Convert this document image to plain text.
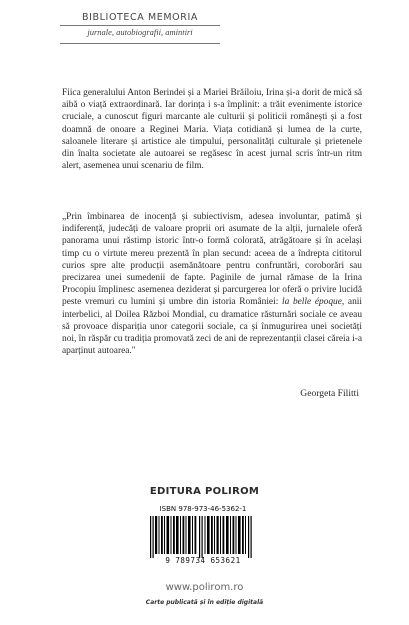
BIBLIOTECA MEMORIA
jurnale, autobiografii, amintiri
Fiica generalului Anton Berindei și a Mariei Brăiloiu, Irina și-a dorit de mică să aibă o viață extraordinară. Iar dorința i s-a împlinit: a trăit evenimente istorice cruciale, a cunoscut figuri marcante ale culturii și politicii românești și a fost doamnă de onoare a Reginei Maria. Viața cotidiană și lumea de la curte, saloanele literare și artistice ale timpului, personalități culturale și prietenele din înalta societate ale autoarei se regăsesc în acest jurnal scris într-un ritm alert, asemenea unui scenariu de film.
„Prin îmbinarea de inocență și subiectivism, adesea involuntar, patimă și indiferență, judecăți de valoare proprii ori asumate de la alții, jurnalele oferă panorama unui răstimp istoric într-o formă colorată, atrăgătoare și în același timp cu o virtute mereu prezentă în plan secund: aceea de a îndrepta cititorul curios spre alte producții asemănătoare pentru confruntări, coroborări sau precizarea unei sumedenii de fapte. Paginile de jurnal rămase de la Irina Procopiu împlinesc asemenea deziderat și parcurgerea lor oferă o privire lucidă peste vremuri cu lumini și umbre din istoria României: la belle époque, anii interbelici, al Doilea Război Mondial, cu dramatice răsturnări sociale ce aveau să provoace dispariția unor categorii sociale, ca și înmugurirea unei societăți noi, în răspăr cu tradiția promovată zeci de ani de reprezentanții clasei căreia i-a aparținut autoarea."
Georgeta Filitti
EDITURA POLIROM
ISBN 978-973-46-5362-1
9 789734 653621
www.polirom.ro
Carte publicată și în ediție digitală
